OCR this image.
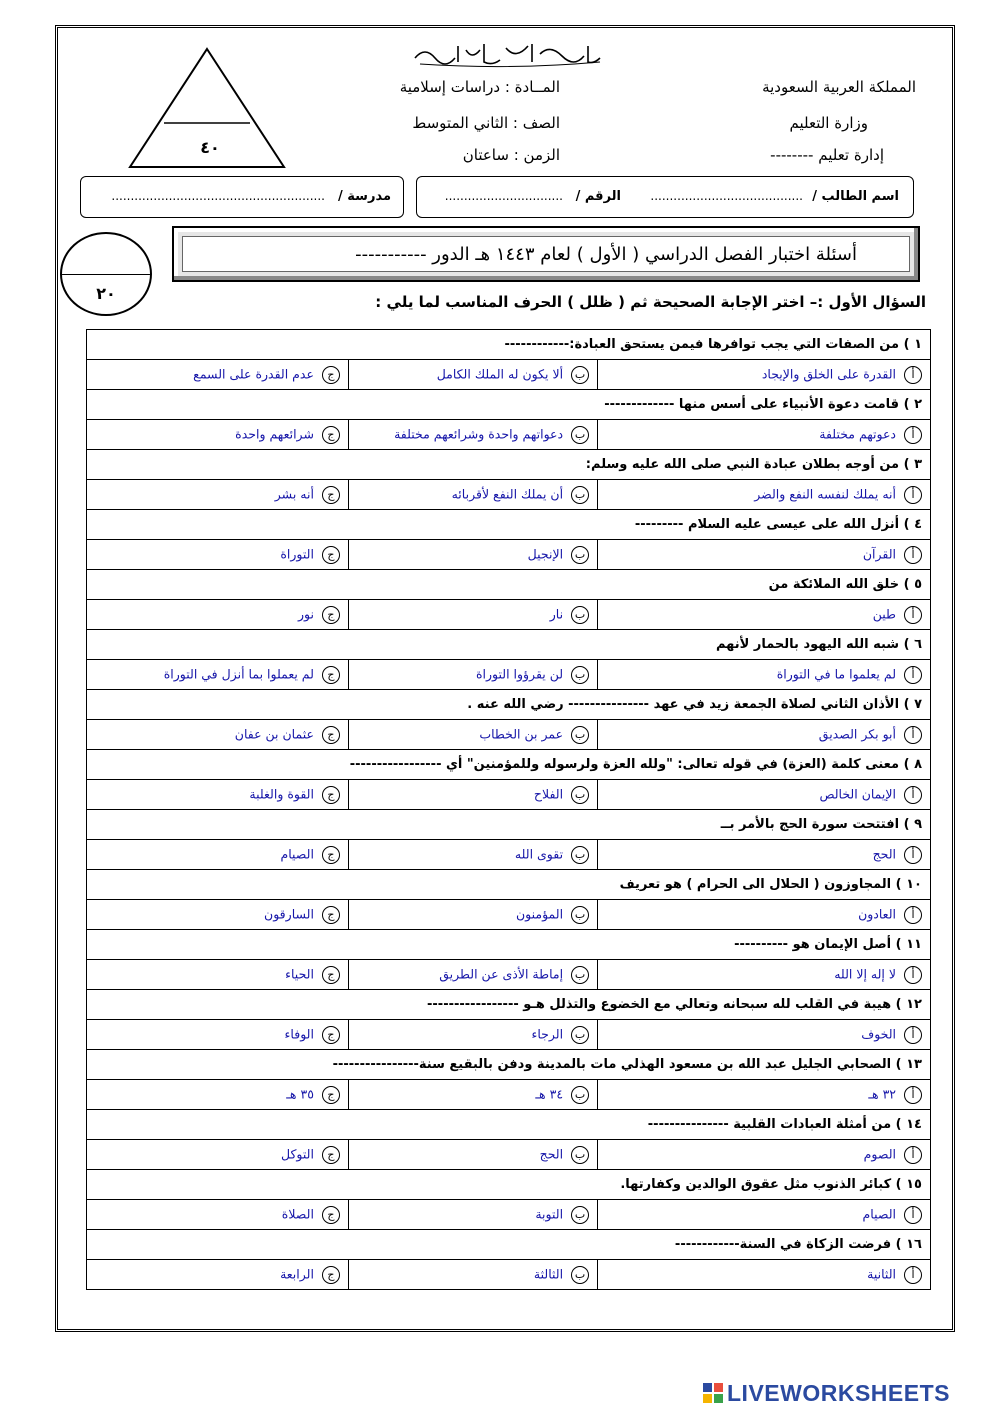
بسم الله الرحمن الرحيم
المملكة العربية السعودية
وزارة التعليم
إدارة تعليم --------
المــادة : دراسات إسلامية
الصف : الثاني المتوسط
الزمن : ساعتان
٤٠
اسم الطالب /
........................................
الرقم /
...............................
مدرسة /
........................................................
٢٠
أسئلة اختبار الفصل الدراسي ( الأول ) لعام ١٤٤٣ هـ الدور -----------
السؤال الأول :– اختر الإجابة الصحيحة ثم ( ظلل ) الحرف المناسب لما يلي :
١ ) من الصفات التي يجب توافرها فيمن يستحق العبادة:------------		
أالقدرة على الخلق والإيجاد	بألا يكون له الملك الكامل	جعدم القدرة على السمع
٢ ) قامت دعوة الأنبياء على أسس منها -------------		
أدعوتهم مختلفة	بدعواتهم واحدة وشرائعهم مختلفة	جشرائعهم واحدة
٣ ) من أوجه بطلان عبادة النبي صلى الله عليه وسلم:		
أأنه يملك لنفسه النفع والضر	بأن يملك النفع لأقربائه	جأنه بشر
٤ ) أنزل الله على عيسى عليه السلام ---------		
أالقرآن	بالإنجيل	جالتوراة
٥ ) خلق الله الملائكة من		
أطين	بنار	جنور
٦ ) شبه الله اليهود بالحمار لأنهم		
ألم يعلموا ما في التوراة	بلن يقرؤوا التوراة	جلم يعملوا بما أنزل في التوراة
٧ ) الأذان الثاني لصلاة الجمعة زيد في عهد --------------- رضي الله عنه .		
أأبو بكر الصديق	بعمر بن الخطاب	جعثمان بن عفان
٨ ) معنى كلمة (العزة) في قوله تعالى: "ولله العزة ولرسوله وللمؤمنين" أي -----------------		
أالإيمان الخالص	بالفلاح	جالقوة والغلبة
٩ ) افتتحت سورة الحج بالأمر بــ		
أالحج	بتقوى الله	جالصيام
١٠ ) المجاوزون ( الحلال الى الحرام ) هو تعريف		
أالعادون	بالمؤمنون	جالسارقون
١١ ) أصل الإيمان هو ----------		
ألا إله إلا الله	بإماطة الأذى عن الطريق	جالحياء
١٢ ) هيبة في القلب لله سبحانه وتعالي مع الخضوع والتذلل هـو -----------------		
أالخوف	بالرجاء	جالوفاء
١٣ ) الصحابي الجليل عبد الله بن مسعود الهذلي مات بالمدينة ودفن بالبقيع سنة----------------		
أ٣٢ هـ	ب٣٤ هـ	ج٣٥ هـ
١٤ ) من أمثلة العبادات القلبية ---------------		
أالصوم	بالحج	جالتوكل
١٥ ) كبائر الذنوب مثل عقوق الوالدين وكفارتها.		
أالصيام	بالتوبة	جالصلاة
١٦ ) فرضت الزكاة في السنة------------		
أالثانية	بالثالثة	جالرابعة
LIVEWORKSHEETS
